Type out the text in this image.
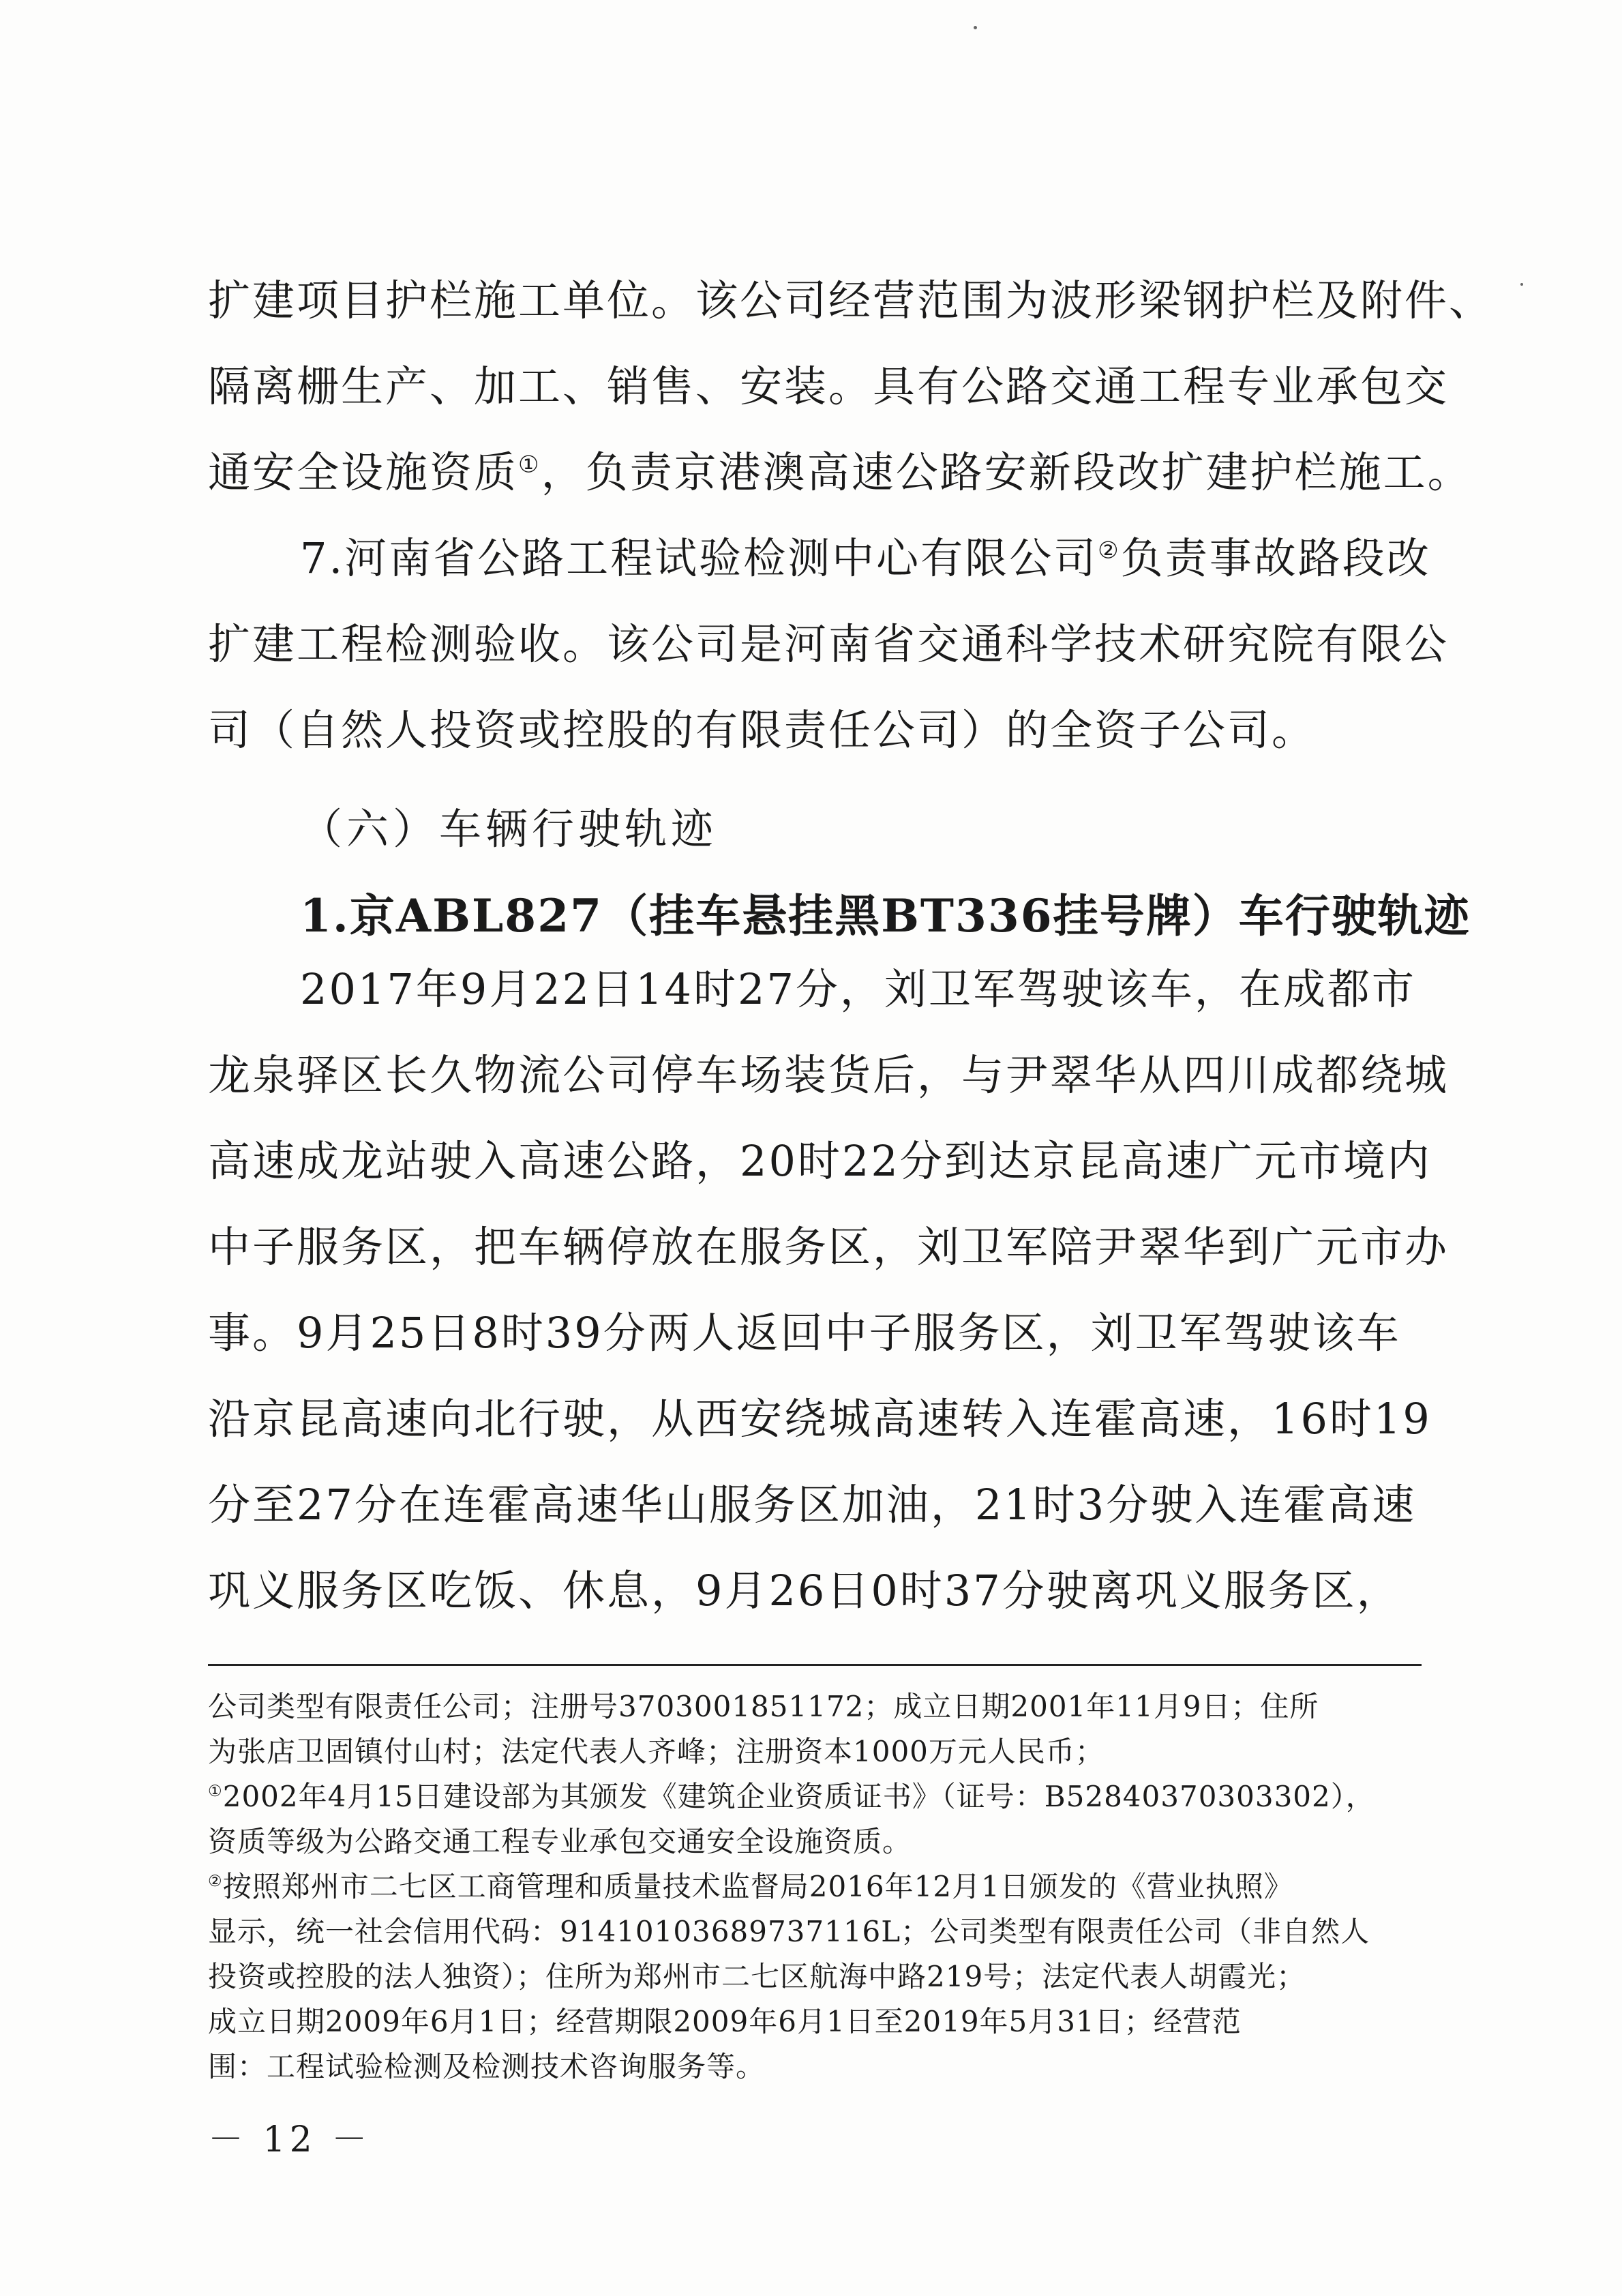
扩建项目护栏施工单位。该公司经营范围为波形梁钢护栏及附件、
隔离栅生产、加工、销售、安装。具有公路交通工程专业承包交
通安全设施资质①，负责京港澳高速公路安新段改扩建护栏施工。
7.河南省公路工程试验检测中心有限公司②负责事故路段改
扩建工程检测验收。该公司是河南省交通科学技术研究院有限公
司（自然人投资或控股的有限责任公司）的全资子公司。
（六）车辆行驶轨迹
1.京ABL827（挂车悬挂黑BT336挂号牌）车行驶轨迹
2017年9月22日14时27分，刘卫军驾驶该车，在成都市
龙泉驿区长久物流公司停车场装货后，与尹翠华从四川成都绕城
高速成龙站驶入高速公路，20时22分到达京昆高速广元市境内
中子服务区，把车辆停放在服务区，刘卫军陪尹翠华到广元市办
事。9月25日8时39分两人返回中子服务区，刘卫军驾驶该车
沿京昆高速向北行驶，从西安绕城高速转入连霍高速，16时19
分至27分在连霍高速华山服务区加油，21时3分驶入连霍高速
巩义服务区吃饭、休息，9月26日0时37分驶离巩义服务区，
公司类型有限责任公司；注册号3703001851172；成立日期2001年11月9日；住所
为张店卫固镇付山村；法定代表人齐峰；注册资本1000万元人民币；
①2002年4月15日建设部为其颁发《建筑企业资质证书》（证号：B52840370303302），
资质等级为公路交通工程专业承包交通安全设施资质。
②按照郑州市二七区工商管理和质量技术监督局2016年12月1日颁发的《营业执照》
显示，统一社会信用代码：91410103689737116L；公司类型有限责任公司（非自然人
投资或控股的法人独资）；住所为郑州市二七区航海中路219号；法定代表人胡霞光；
成立日期2009年6月1日；经营期限2009年6月1日至2019年5月31日；经营范
围：工程试验检测及检测技术咨询服务等。
－ 12 －
